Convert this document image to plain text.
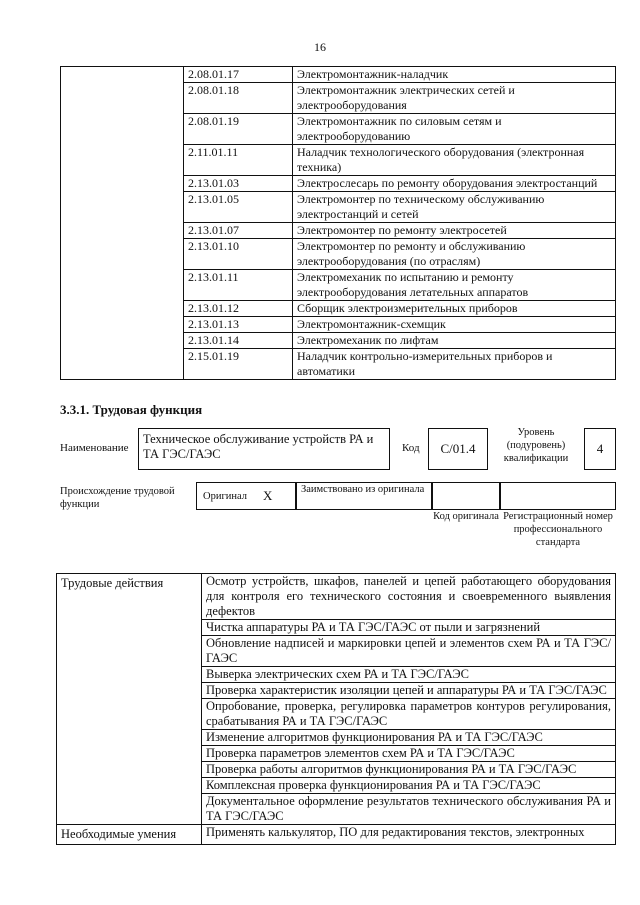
16
	2.08.01.17	Электромонтажник-наладчик
	2.08.01.18	Электромонтажник электрических сетей и электрооборудования
	2.08.01.19	Электромонтажник по силовым сетям и электрооборудованию
	2.11.01.11	Наладчик технологического оборудования (электронная техника)
	2.13.01.03	Электрослесарь по ремонту оборудования электростанций
	2.13.01.05	Электромонтер по техническому обслуживанию электростанций и сетей
	2.13.01.07	Электромонтер по ремонту электросетей
	2.13.01.10	Электромонтер по ремонту и обслуживанию электрооборудования (по отраслям)
	2.13.01.11	Электромеханик по испытанию и ремонту электрооборудования летательных аппаратов
	2.13.01.12	Сборщик электроизмерительных приборов
	2.13.01.13	Электромонтажник-схемщик
	2.13.01.14	Электромеханик по лифтам
	2.15.01.19	Наладчик контрольно-измерительных приборов и автоматики
3.3.1. Трудовая функция
Наименование
Техническое обслуживание устройств РА и ТА ГЭС/ГАЭС	Код	С/01.4
Уровень (подуровень) квалификации
4
Происхождение трудовой функции
Оригинал X	Заимствовано из оригинала
Код оригинала Регистрационный номер профессионального стандарта
Трудовые действия	Осмотр устройств, шкафов, панелей и цепей работающего оборудования для контроля его технического состояния и своевременного выявления дефектов
	Чистка аппаратуры РА и ТА ГЭС/ГАЭС от пыли и загрязнений
	Обновление надписей и маркировки цепей и элементов схем РА и ТА ГЭС/ГАЭС
	Выверка электрических схем РА и ТА ГЭС/ГАЭС
	Проверка характеристик изоляции цепей и аппаратуры РА и ТА ГЭС/ГАЭС
	Опробование, проверка, регулировка параметров контуров регулирования, срабатывания РА и ТА ГЭС/ГАЭС
	Изменение алгоритмов функционирования РА и ТА ГЭС/ГАЭС
	Проверка параметров элементов схем РА и ТА ГЭС/ГАЭС
	Проверка работы алгоритмов функционирования РА и ТА ГЭС/ГАЭС
	Комплексная проверка функционирования РА и ТА ГЭС/ГАЭС
	Документальное оформление результатов технического обслуживания РА и ТА ГЭС/ГАЭС
Необходимые умения	Применять калькулятор, ПО для редактирования текстов, электронных
